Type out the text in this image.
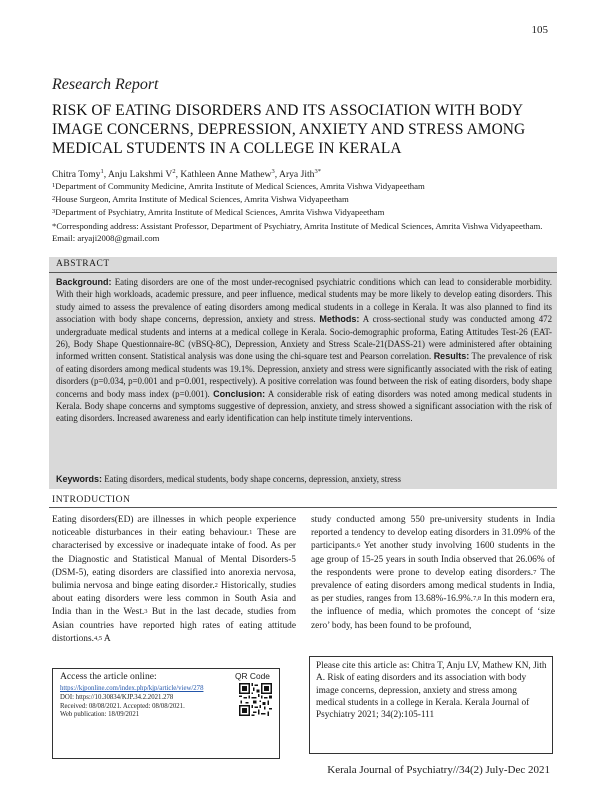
105
Research Report
RISK OF EATING DISORDERS AND ITS ASSOCIATION WITH BODY IMAGE CONCERNS, DEPRESSION, ANXIETY AND STRESS AMONG MEDICAL STUDENTS IN A COLLEGE IN KERALA
Chitra Tomy$^1$, Anju Lakshmi $V^2$, Kathleen Anne Mathew$^3$, Arya Jith$^{3*}$
$^1$Department of Community Medicine, Amrita Institute of Medical Sciences, Amrita Vishwa Vidyapeetham
$^2$House Surgeon, Amrita Institute of Medical Sciences, Amrita Vishwa Vidyapeetham
$^3$Department of Psychiatry, Amrita Institute of Medical Sciences, Amrita Vishwa Vidyapeetham
*Corresponding address: Assistant Professor, Department of Psychiatry, Amrita Institute of Medical Sciences, Amrita Vishwa Vidyapeetham. Email: aryaji2008@gmail.com
ABSTRACT
Background: Eating disorders are one of the most under-recognised psychiatric conditions which can lead to considerable morbidity. With their high workloads, academic pressure, and peer influence, medical students may be more likely to develop eating disorders. This study aimed to assess the prevalence of eating disorders among medical students in a college in Kerala. It was also planned to find its association with body shape concerns, depression, anxiety and stress. Methods: A cross-sectional study was conducted among 472 undergraduate medical students and interns at a medical college in Kerala. Socio-demographic proforma, Eating Attitudes Test-26 (EAT-26), Body Shape Questionnaire-8C (vBSQ-8C), Depression, Anxiety and Stress Scale-21(DASS-21) were administered after obtaining informed written consent. Statistical analysis was done using the chi-square test and Pearson correlation. Results: The prevalence of risk of eating disorders among medical students was 19.1%. Depression, anxiety and stress were significantly associated with the risk of eating disorders (p=0.034, p=0.001 and p=0.001, respectively). A positive correlation was found between the risk of eating disorders, body shape concerns and body mass index (p=0.001). Conclusion: A considerable risk of eating disorders was noted among medical students in Kerala. Body shape concerns and symptoms suggestive of depression, anxiety, and stress showed a significant association with the risk of eating disorders. Increased awareness and early identification can help institute timely interventions.
Keywords: Eating disorders, medical students, body shape concerns, depression, anxiety, stress
INTRODUCTION
Eating disorders(ED) are illnesses in which people experience noticeable disturbances in their eating behaviour.$^1$ These are characterised by excessive or inadequate intake of food. As per the Diagnostic and Statistical Manual of Mental Disorders-5 (DSM-5), eating disorders are classified into anorexia nervosa, bulimia nervosa and binge eating disorder.$^2$ Historically, studies about eating disorders were less common in South Asia and India than in the West.$^3$ But in the last decade, studies from Asian countries have reported high rates of eating attitude distortions.$^{4,5}$ A
study conducted among 550 pre-university students in India reported a tendency to develop eating disorders in 31.09% of the participants.$^6$ Yet another study involving 1600 students in the age group of 15-25 years in south India observed that 26.06% of the respondents were prone to develop eating disorders.$^7$ The prevalence of eating disorders among medical students in India, as per studies, ranges from 13.68%-16.9%.$^{7,8}$ In this modern era, the influence of media, which promotes the concept of ‘size zero’ body, has been found to be profound,
Access the article online:
https://kjponline.com/index.php/kjp/article/view/278
DOI: https://10.30834/KJP.34.2.2021.278
Received: 08/08/2021. Accepted: 08/08/2021.
Web publication: 18/09/2021
QR Code
Please cite this article as: Chitra T, Anju LV, Mathew KN, Jith A. Risk of eating disorders and its association with body image concerns, depression, anxiety and stress among medical students in a college in Kerala. Kerala Journal of Psychiatry 2021; 34(2):105-111
Kerala Journal of Psychiatry//34(2) July-Dec 2021
